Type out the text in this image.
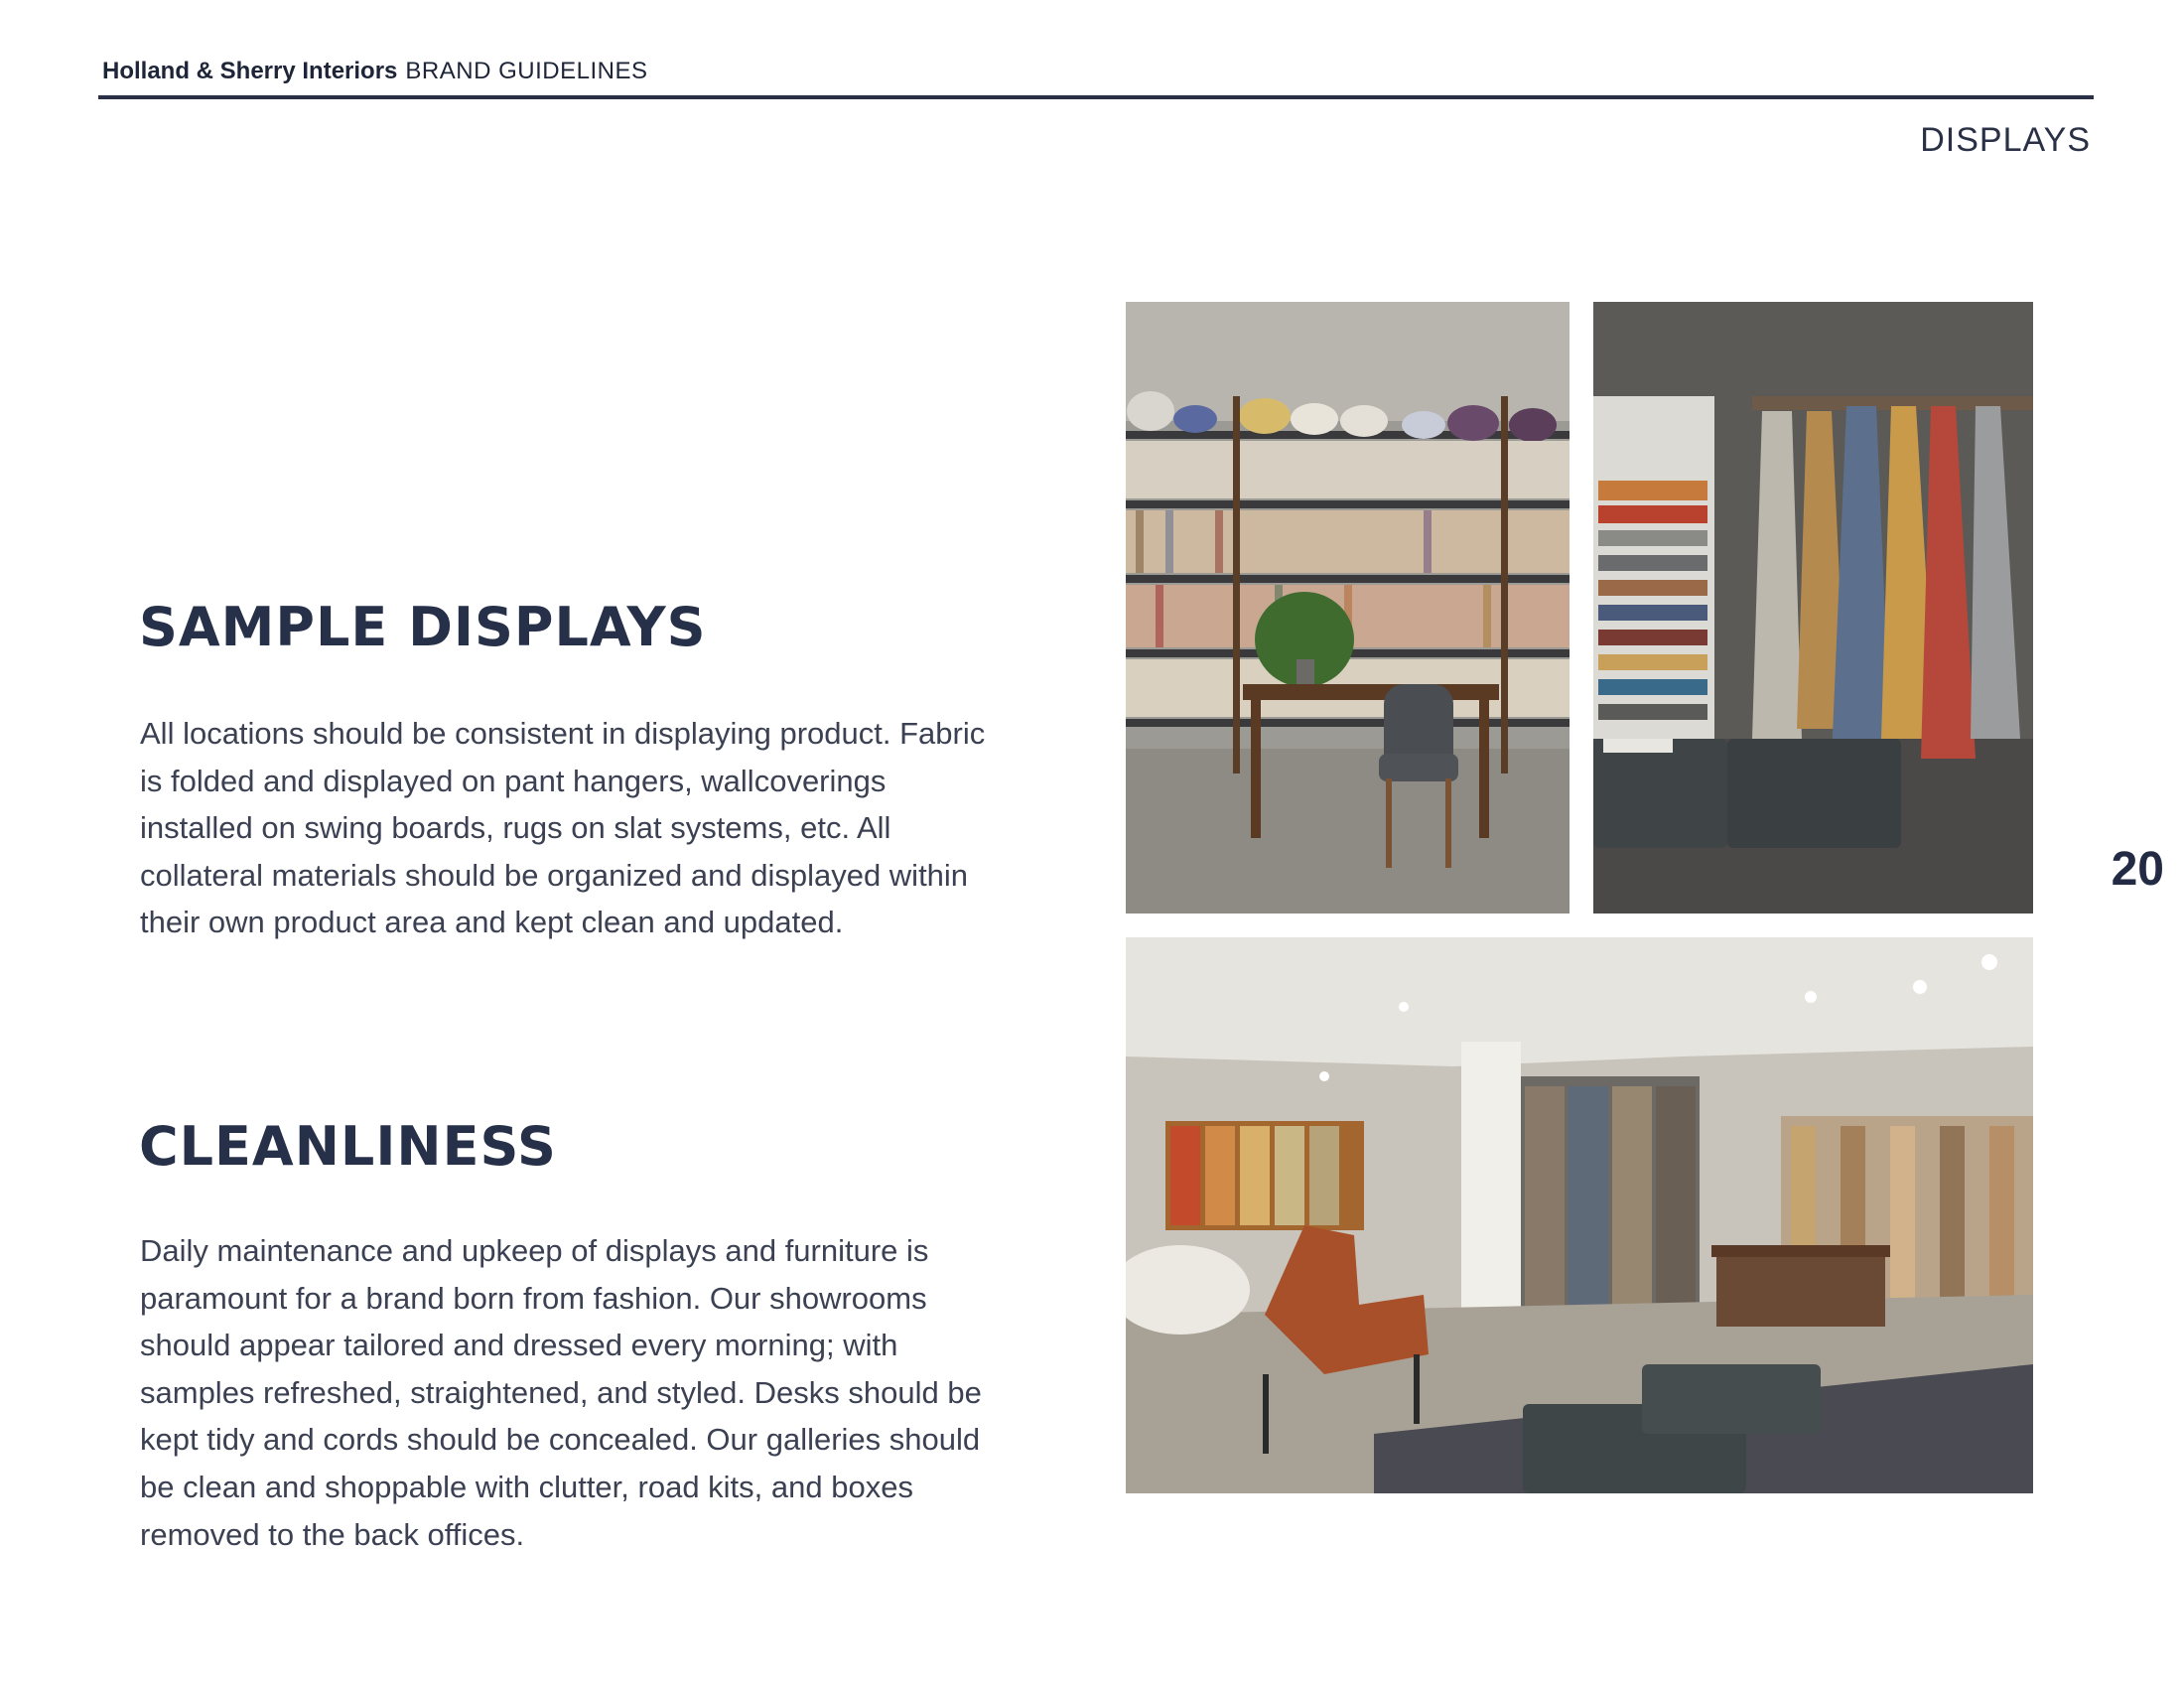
Holland & Sherry Interiors BRAND GUIDELINES
DISPLAYS
20
SAMPLE DISPLAYS

All locations should be consistent in displaying product. Fabric is folded and displayed on pant hangers, wallcoverings installed on swing boards, rugs on slat systems, etc. All collateral materials should be organized and displayed within their own product area and kept clean and updated.

CLEANLINESS

Daily maintenance and upkeep of displays and furniture is paramount for a brand born from fashion. Our showrooms should appear tailored and dressed every morning; with samples refreshed, straightened, and styled. Desks should be kept tidy and cords should be concealed. Our galleries should be clean and shoppable with clutter, road kits, and boxes removed to the back offices.
